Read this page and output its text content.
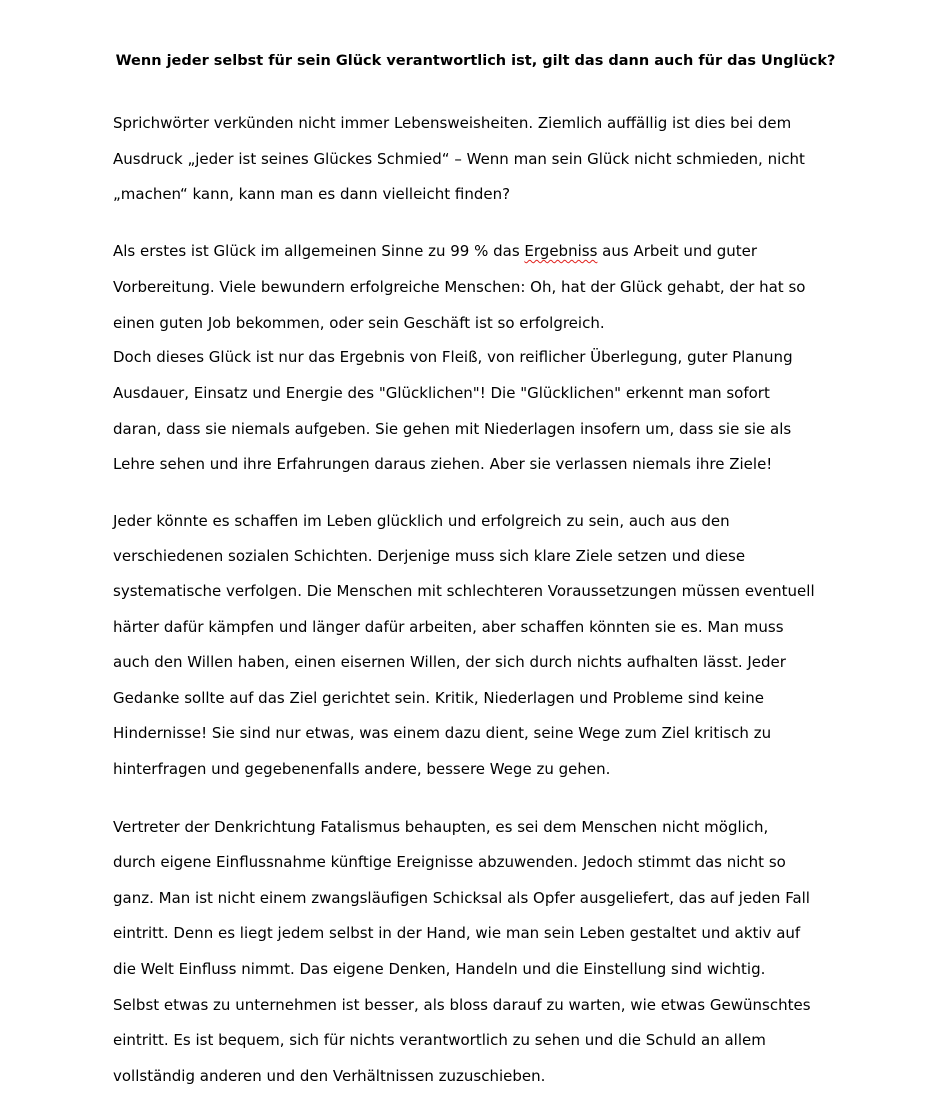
Wenn jeder selbst für sein Glück verantwortlich ist, gilt das dann auch für das Unglück?

Sprichwörter verkünden nicht immer Lebensweisheiten. Ziemlich auffällig ist dies bei dem

Ausdruck „jeder ist seines Glückes Schmied“ – Wenn man sein Glück nicht schmieden, nicht

„machen“ kann, kann man es dann vielleicht finden?

Als erstes ist Glück im allgemeinen Sinne zu 99 % das Ergebniss aus Arbeit und guter

Vorbereitung. Viele bewundern erfolgreiche Menschen: Oh, hat der Glück gehabt, der hat so

einen guten Job bekommen, oder sein Geschäft ist so erfolgreich.

Doch dieses Glück ist nur das Ergebnis von Fleiß, von reiflicher Überlegung, guter Planung

Ausdauer, Einsatz und Energie des "Glücklichen"! Die "Glücklichen" erkennt man sofort

daran, dass sie niemals aufgeben. Sie gehen mit Niederlagen insofern um, dass sie sie als

Lehre sehen und ihre Erfahrungen daraus ziehen. Aber sie verlassen niemals ihre Ziele!

Jeder könnte es schaffen im Leben glücklich und erfolgreich zu sein, auch aus den

verschiedenen sozialen Schichten. Derjenige muss sich klare Ziele setzen und diese

systematische verfolgen. Die Menschen mit schlechteren Voraussetzungen müssen eventuell

härter dafür kämpfen und länger dafür arbeiten, aber schaffen könnten sie es. Man muss

auch den Willen haben, einen eisernen Willen, der sich durch nichts aufhalten lässt. Jeder

Gedanke sollte auf das Ziel gerichtet sein. Kritik, Niederlagen und Probleme sind keine

Hindernisse! Sie sind nur etwas, was einem dazu dient, seine Wege zum Ziel kritisch zu

hinterfragen und gegebenenfalls andere, bessere Wege zu gehen.

Vertreter der Denkrichtung Fatalismus behaupten, es sei dem Menschen nicht möglich,

durch eigene Einflussnahme künftige Ereignisse abzuwenden. Jedoch stimmt das nicht so

ganz. Man ist nicht einem zwangsläufigen Schicksal als Opfer ausgeliefert, das auf jeden Fall

eintritt. Denn es liegt jedem selbst in der Hand, wie man sein Leben gestaltet und aktiv auf

die Welt Einfluss nimmt. Das eigene Denken, Handeln und die Einstellung sind wichtig.

Selbst etwas zu unternehmen ist besser, als bloss darauf zu warten, wie etwas Gewünschtes

eintritt. Es ist bequem, sich für nichts verantwortlich zu sehen und die Schuld an allem

vollständig anderen und den Verhältnissen zuzuschieben.
